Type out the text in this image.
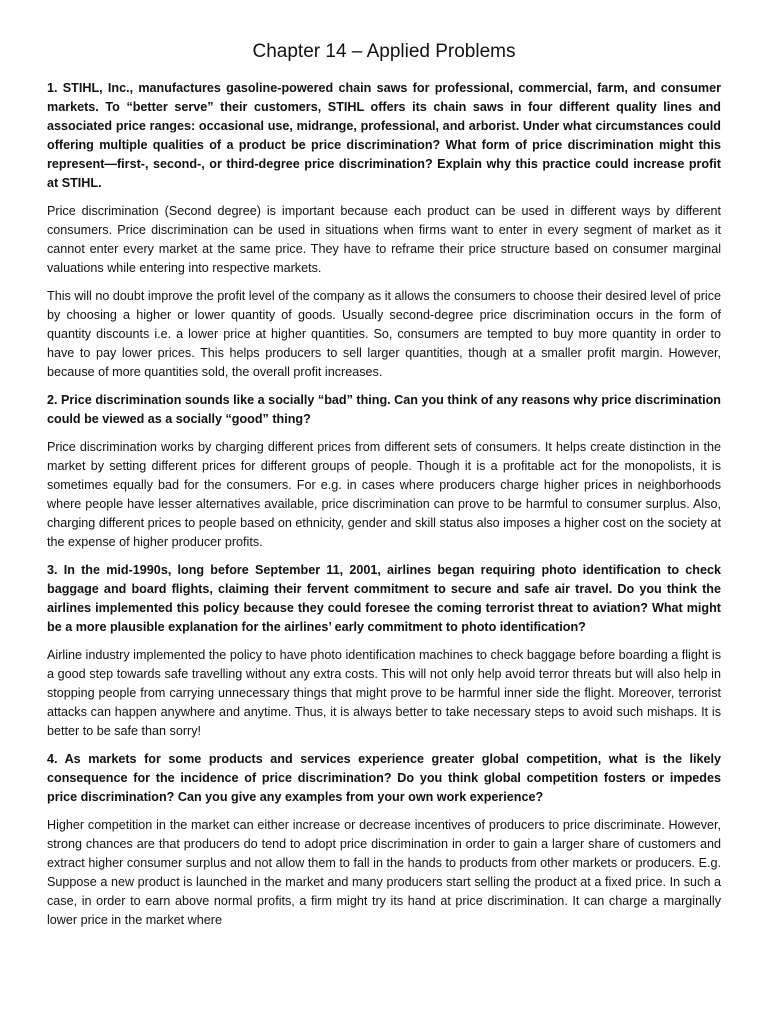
Chapter 14 – Applied Problems

1. STIHL, Inc., manufactures gasoline-powered chain saws for professional, commercial, farm, and consumer markets. To “better serve” their customers, STIHL offers its chain saws in four different quality lines and associated price ranges: occasional use, midrange, professional, and arborist. Under what circumstances could offering multiple qualities of a product be price discrimination? What form of price discrimination might this represent—first-, second-, or third-degree price discrimination? Explain why this practice could increase profit at STIHL.

Price discrimination (Second degree) is important because each product can be used in different ways by different consumers. Price discrimination can be used in situations when firms want to enter in every segment of market as it cannot enter every market at the same price. They have to reframe their price structure based on consumer marginal valuations while entering into respective markets.

This will no doubt improve the profit level of the company as it allows the consumers to choose their desired level of price by choosing a higher or lower quantity of goods. Usually second-degree price discrimination occurs in the form of quantity discounts i.e. a lower price at higher quantities. So, consumers are tempted to buy more quantity in order to have to pay lower prices. This helps producers to sell larger quantities, though at a smaller profit margin. However, because of more quantities sold, the overall profit increases.

2. Price discrimination sounds like a socially “bad” thing. Can you think of any reasons why price discrimination could be viewed as a socially “good” thing?

Price discrimination works by charging different prices from different sets of consumers. It helps create distinction in the market by setting different prices for different groups of people. Though it is a profitable act for the monopolists, it is sometimes equally bad for the consumers. For e.g. in cases where producers charge higher prices in neighborhoods where people have lesser alternatives available, price discrimination can prove to be harmful to consumer surplus. Also, charging different prices to people based on ethnicity, gender and skill status also imposes a higher cost on the society at the expense of higher producer profits.

3. In the mid-1990s, long before September 11, 2001, airlines began requiring photo identification to check baggage and board flights, claiming their fervent commitment to secure and safe air travel. Do you think the airlines implemented this policy because they could foresee the coming terrorist threat to aviation? What might be a more plausible explanation for the airlines’ early commitment to photo identification?

Airline industry implemented the policy to have photo identification machines to check baggage before boarding a flight is a good step towards safe travelling without any extra costs. This will not only help avoid terror threats but will also help in stopping people from carrying unnecessary things that might prove to be harmful inner side the flight. Moreover, terrorist attacks can happen anywhere and anytime. Thus, it is always better to take necessary steps to avoid such mishaps. It is better to be safe than sorry!

4. As markets for some products and services experience greater global competition, what is the likely consequence for the incidence of price discrimination? Do you think global competition fosters or impedes price discrimination? Can you give any examples from your own work experience?

Higher competition in the market can either increase or decrease incentives of producers to price discriminate. However, strong chances are that producers do tend to adopt price discrimination in order to gain a larger share of customers and extract higher consumer surplus and not allow them to fall in the hands to products from other markets or producers. E.g. Suppose a new product is launched in the market and many producers start selling the product at a fixed price. In such a case, in order to earn above normal profits, a firm might try its hand at price discrimination. It can charge a marginally lower price in the market where
